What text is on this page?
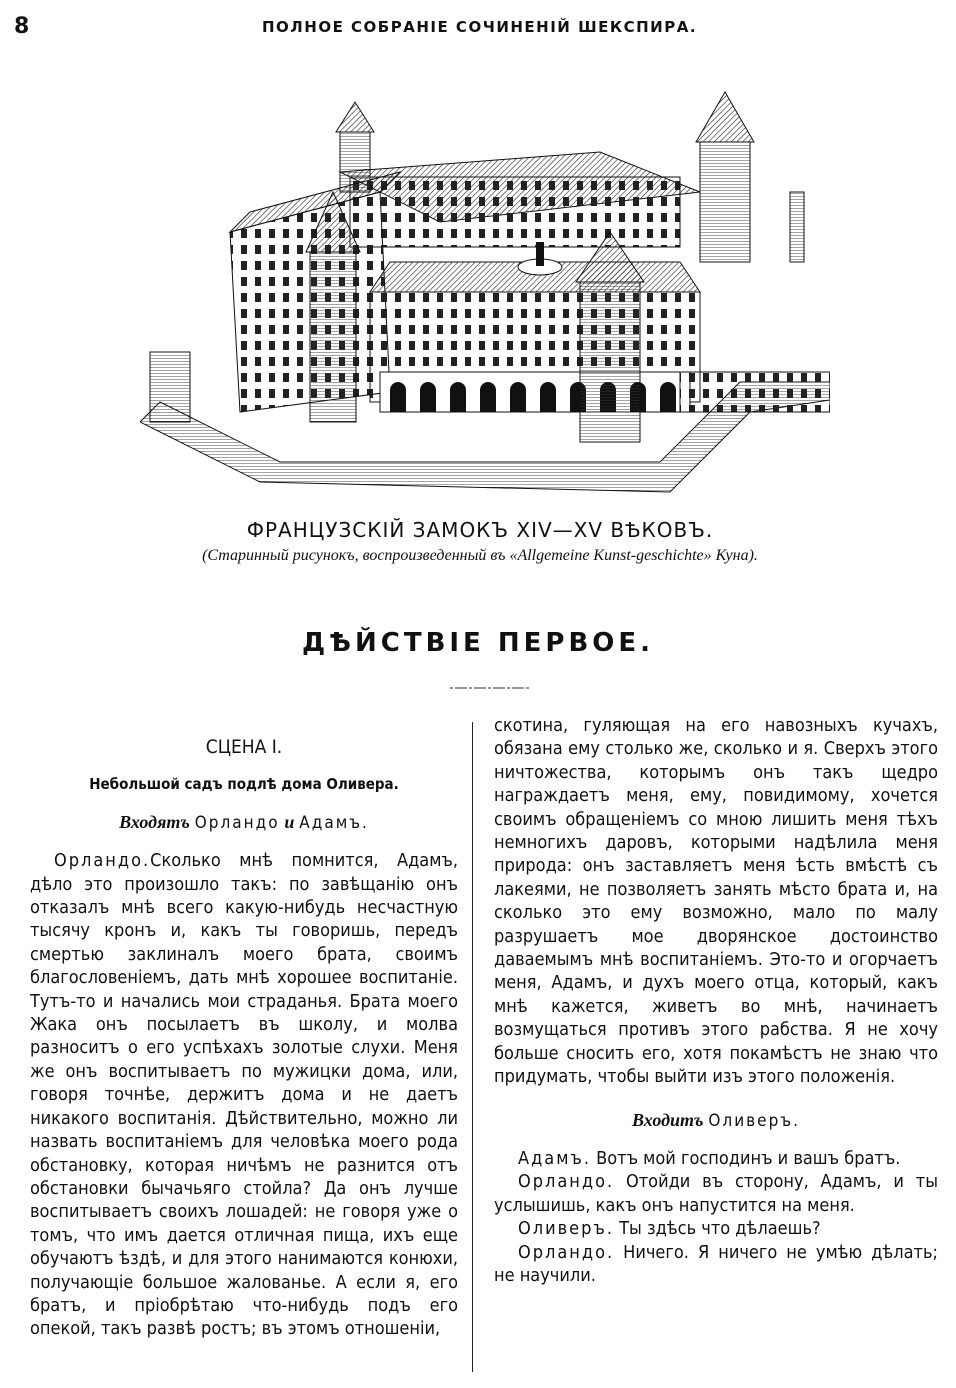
8	ПОЛНОЕ СОБРАНІЕ СОЧИНЕНІЙ ШЕКСПИРА.
ФРАНЦУЗСКІЙ ЗАМОКЪ XIV—XV ВѢКОВЪ.
(Старинный рисунокъ, воспроизведенный въ «Allgemeine Kunst-geschichte» Куна).
ДѢЙСТВІЕ ПЕРВОЕ.
СЦЕНА I.
Небольшой садъ подлѣ дома Оливера.
Входятъ Орландо и Адамъ.

Орландо.Сколько мнѣ помнится, Адамъ, дѣло это произошло такъ: по завѣщанію онъ отказалъ мнѣ всего какую-нибудь несчастную тысячу кронъ и, какъ ты говоришь, передъ смертью заклиналъ моего брата, своимъ благословеніемъ, дать мнѣ хорошее воспитаніе. Тутъ-то и начались мои страданья. Брата моего Жака онъ посылаетъ въ школу, и молва разноситъ о его успѣхахъ золотые слухи. Меня же онъ воспитываетъ по мужицки дома, или, говоря точнѣе, держитъ дома и не даетъ никакого воспитанія. Дѣйствительно, можно ли назвать воспитаніемъ для человѣка моего рода обстановку, которая ничѣмъ не разнится отъ обстановки бычачьяго стойла? Да онъ лучше воспитываетъ своихъ лошадей: не говоря уже о томъ, что имъ дается отличная пища, ихъ еще обучаютъ ѣздѣ, и для этого нанимаются конюхи, получающіе большое жалованье. А если я, его братъ, и пріобрѣтаю что-нибудь подъ его опекой, такъ развѣ ростъ; въ этомъ отношеніи,

скотина, гуляющая на его навозныхъ кучахъ, обязана ему столько же, сколько и я. Сверхъ этого ничтожества, которымъ онъ такъ щедро награждаетъ меня, ему, повидимому, хочется своимъ обращеніемъ со мною лишить меня тѣхъ немногихъ даровъ, которыми надѣлила меня природа: онъ заставляетъ меня ѣсть вмѣстѣ съ лакеями, не позволяетъ занять мѣсто брата и, на сколько это ему возможно, мало по малу разрушаетъ мое дворянское достоинство даваемымъ мнѣ воспитаніемъ. Это-то и огорчаетъ меня, Адамъ, и духъ моего отца, который, какъ мнѣ кажется, живетъ во мнѣ, начинаетъ возмущаться противъ этого рабства. Я не хочу больше сносить его, хотя покамѣстъ не знаю что придумать, чтобы выйти изъ этого положенія.

Входитъ Оливеръ.

Адамъ. Вотъ мой господинъ и вашъ братъ.

Орландо. Отойди въ сторону, Адамъ, и ты услышишь, какъ онъ напустится на меня.

Оливеръ. Ты здѣсь что дѣлаешь?

Орландо. Ничего. Я ничего не умѣю дѣлать; не научили.
